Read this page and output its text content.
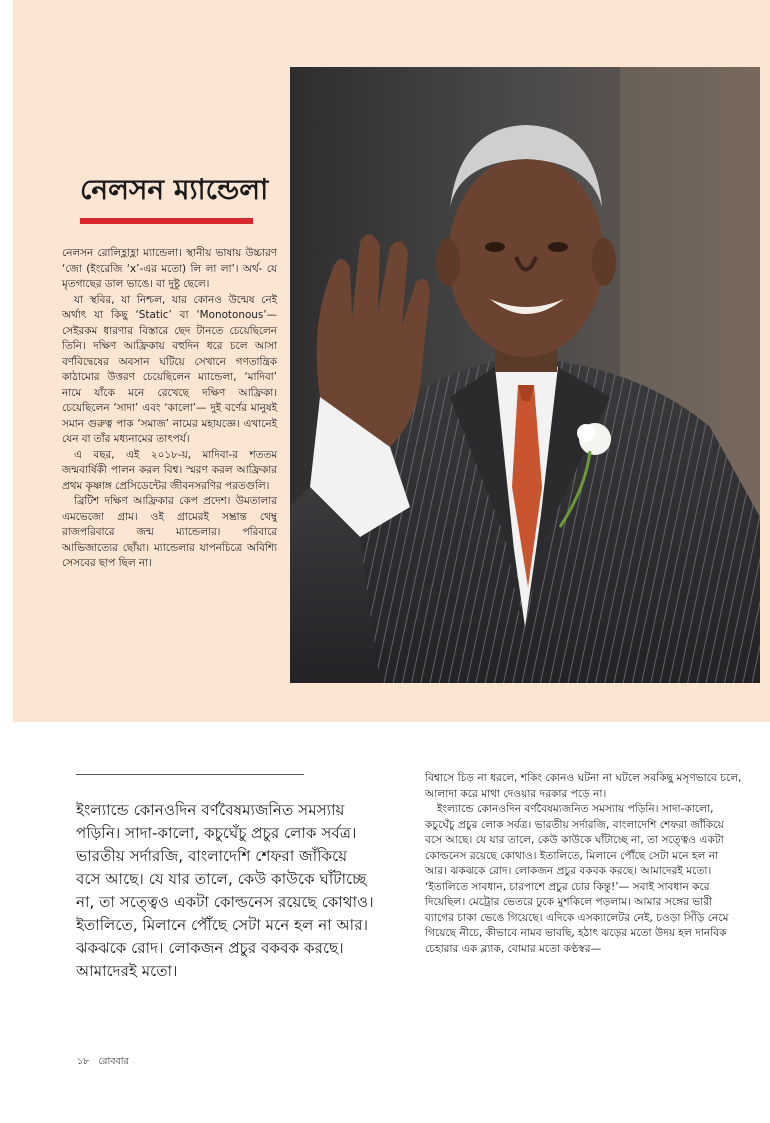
নেলসন ম্যান্ডেলা

নেলসন রোলিহ্লাহ্লা ম্যান্ডেলা। স্থানীয় ভাষায় উচ্চারণ ‘জো (ইংরেজি ‘x’-এর মতো) লি লা লা’। অর্থ- যে মৃতগাছের ডাল ভাঙে। বা দুষ্টু ছেলে।

যা স্থবির, যা নিশ্চল, যার কোনও উন্মেষ নেই অর্থাৎ যা কিছু ‘Static’ বা ‘Monotonous’— সেইরকম ধারণার বিস্তারে ছেদ টানতে চেয়েছিলেন তিনি। দক্ষিণ আফ্রিকায় বহুদিন ধরে চলে আসা বর্ণবিদ্বেষের অবসান ঘটিয়ে সেখানে গণতান্ত্রিক কাঠামোর উত্তরণ চেয়েছিলেন ম্যান্ডেলা, ‘মাদিবা’ নামে যাঁকে মনে রেখেছে দক্ষিণ আফ্রিকা। চেয়েছিলেন ‘সাদা’ এবং ‘কালো’— দুই বর্ণের মানুষই সমান গুরুত্ব পাক ‘সমাজ’ নামের মহাযজ্ঞে। এখানেই যেন বা তাঁর মধ্যনামের তাৎপর্য।

এ বছর, এই ২০১৮-য়, মাদিবা-র শততম জন্মবার্ষিকী পালন করল বিশ্ব। স্মরণ করল আফ্রিকার প্রথম কৃষ্ণাঙ্গ প্রেসিডেন্টের জীবনসরণির পরতগুলি।

ব্রিটিশ দক্ষিণ আফ্রিকার কেপ প্রদেশ। উমতালার এমভেজো গ্রাম। ওই গ্রামেরই সম্ভ্রান্ত থেম্বু রাজপরিবারে জন্ম ম্যান্ডেলার। পরিবারে আভিজাত্যের ছোঁয়া। ম্যান্ডেলার যাপনচিত্রে অবিশ্যি সেসবের ছাপ ছিল না।

ইংল্যান্ডে কোনওদিন বর্ণবৈষম্যজনিত সমস্যায় পড়িনি। সাদা-কালো, কচুঘেঁচু প্রচুর লোক সর্বত্র। ভারতীয় সর্দারজি, বাংলাদেশি শেফরা জাঁকিয়ে বসে আছে। যে যার তালে, কেউ কাউকে ঘাঁটাচ্ছে না, তা সত্ত্বেও একটা কোল্ডনেস রয়েছে কোথাও। ইতালিতে, মিলানে পৌঁছে সেটা মনে হল না আর। ঝকঝকে রোদ। লোকজন প্রচুর বকবক করছে। আমাদেরই মতো।

বিশ্বাসে চিড় না ধরলে, শকিং কোনও ঘটনা না ঘটলে সবকিছু মসৃণভাবে চলে, আলাদা করে মাথা দেওয়ার দরকার পড়ে না।

ইংল্যান্ডে কোনওদিন বর্ণবৈষম্যজনিত সমস্যায় পড়িনি। সাদা-কালো, কচুঘেঁচু প্রচুর লোক সর্বত্র। ভারতীয় সর্দারজি, বাংলাদেশি শেফরা জাঁকিয়ে বসে আছে। যে যার তালে, কেউ কাউকে ঘাঁটাচ্ছে না, তা সত্ত্বেও একটা কোল্ডনেস রয়েছে কোথাও। ইতালিতে, মিলানে পৌঁছে সেটা মনে হল না আর। ঝকঝকে রোদ। লোকজন প্রচুর বকবক করছে। আমাদেরই মতো। ‘ইতালিতে সাবধান, চারপাশে প্রচুর চোর কিন্তু!’— সবাই সাবধান করে দিয়েছিল। মেট্রোর ভেতরে ঢুকে মুশকিলে পড়লাম। আমার সঙ্গের ভারী ব্যাগের চাকা ভেঙে গিয়েছে। এদিকে এসক্যালেটর নেই, চওড়া সিঁড়ি নেমে গিয়েছে নীচে, কীভাবে নামব ভাবছি, হঠাৎ ঝড়ের মতো উদয় হল দানবিক চেহারার এক ব্ল্যাক, বোমার মতো কণ্ঠস্বর—

১৮ রোববার
